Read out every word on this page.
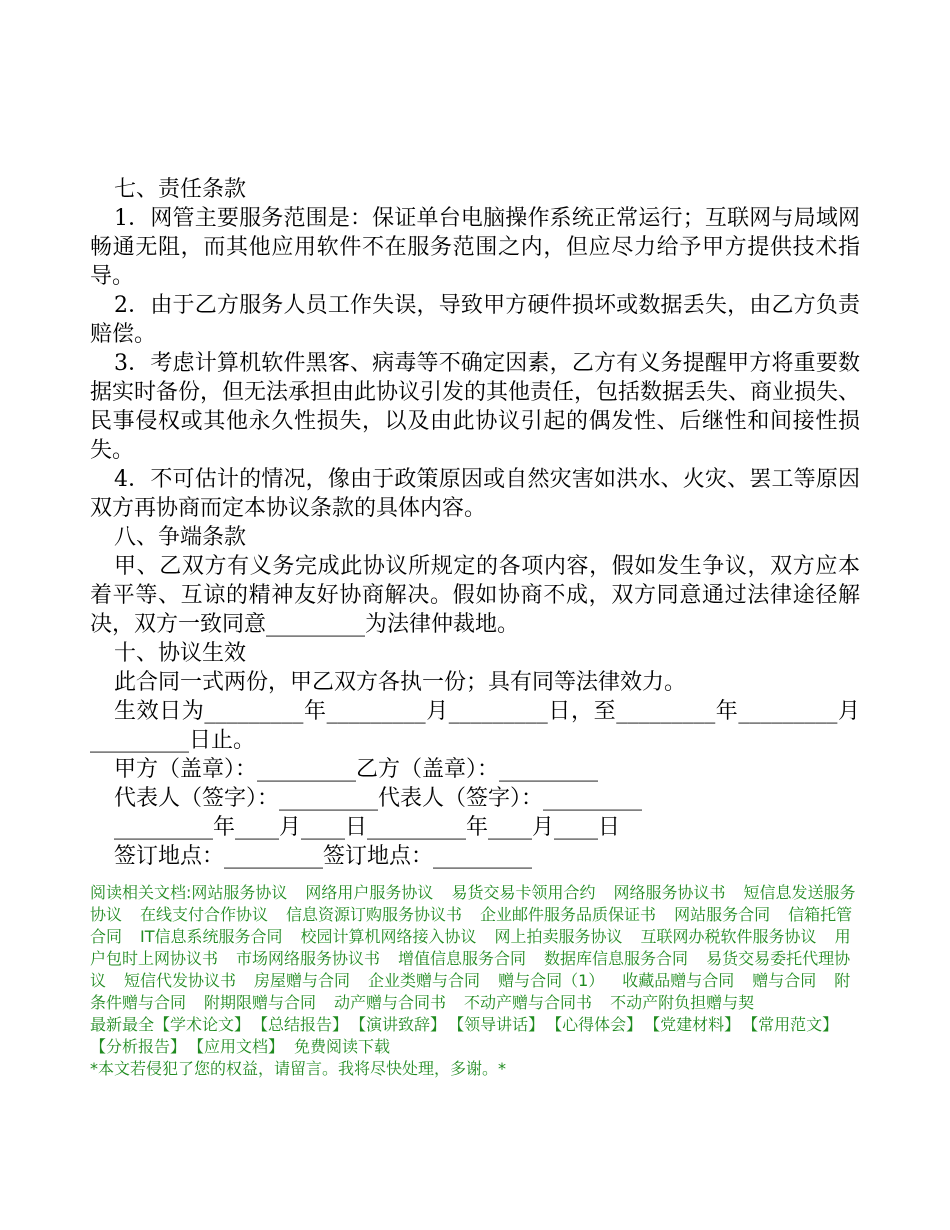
七、责任条款

1．网管主要服务范围是：保证单台电脑操作系统正常运行；互联网与局域网畅通无阻，而其他应用软件不在服务范围之内，但应尽力给予甲方提供技术指导。

2．由于乙方服务人员工作失误，导致甲方硬件损坏或数据丢失，由乙方负责赔偿。

3．考虑计算机软件黑客、病毒等不确定因素，乙方有义务提醒甲方将重要数据实时备份，但无法承担由此协议引发的其他责任，包括数据丢失、商业损失、民事侵权或其他永久性损失，以及由此协议引起的偶发性、后继性和间接性损失。

4．不可估计的情况，像由于政策原因或自然灾害如洪水、火灾、罢工等原因双方再协商而定本协议条款的具体内容。

八、争端条款

甲、乙双方有义务完成此协议所规定的各项内容，假如发生争议，双方应本着平等、互谅的精神友好协商解决。假如协商不成，双方同意通过法律途径解决，双方一致同意_________为法律仲裁地。

十、协议生效

此合同一式两份，甲乙双方各执一份；具有同等法律效力。

生效日为_________年_________月_________日，至_________年_________月_________日止。

甲方（盖章）：_________乙方（盖章）：_________

代表人（签字）：_________代表人（签字）：_________

_________年____月____日_________年____月____日

签订地点：_________签订地点：_________

阅读相关文档:网站服务协议 网络用户服务协议 易货交易卡领用合约 网络服务协议书 短信息发送服务协议 在线支付合作协议 信息资源订购服务协议书 企业邮件服务品质保证书 网站服务合同 信箱托管合同 IT信息系统服务合同 校园计算机网络接入协议 网上拍卖服务协议 互联网办税软件服务协议 用户包时上网协议书 市场网络服务协议书 增值信息服务合同 数据库信息服务合同 易货交易委托代理协议 短信代发协议书 房屋赠与合同 企业类赠与合同 赠与合同（1） 收藏品赠与合同 赠与合同 附条件赠与合同 附期限赠与合同 动产赠与合同书 不动产赠与合同书 不动产附负担赠与契
最新最全【学术论文】 【总结报告】 【演讲致辞】 【领导讲话】 【心得体会】 【党建材料】 【常用范文】【分析报告】 【应用文档】 免费阅读下载
*本文若侵犯了您的权益，请留言。我将尽快处理，多谢。*
